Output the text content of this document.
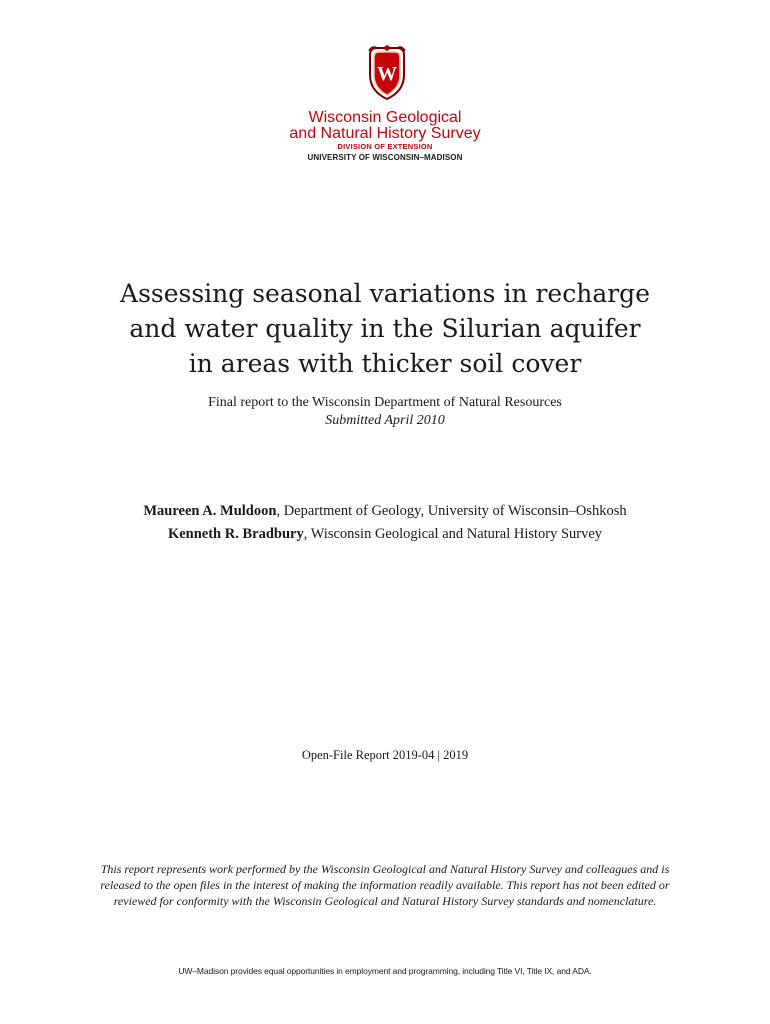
W
Wisconsin Geological
and Natural History Survey
DIVISION OF EXTENSION
UNIVERSITY OF WISCONSIN–MADISON
Assessing seasonal variations in recharge
and water quality in the Silurian aquifer
in areas with thicker soil cover
Final report to the Wisconsin Department of Natural Resources
Submitted April 2010
Maureen A. Muldoon, Department of Geology, University of Wisconsin–Oshkosh
Kenneth R. Bradbury, Wisconsin Geological and Natural History Survey
Open-File Report 2019-04 | 2019
This report represents work performed by the Wisconsin Geological and Natural History Survey and colleagues and is
released to the open files in the interest of making the information readily available. This report has not been edited or
reviewed for conformity with the Wisconsin Geological and Natural History Survey standards and nomenclature.
UW–Madison provides equal opportunities in employment and programming, including Title VI, Title IX, and ADA.
